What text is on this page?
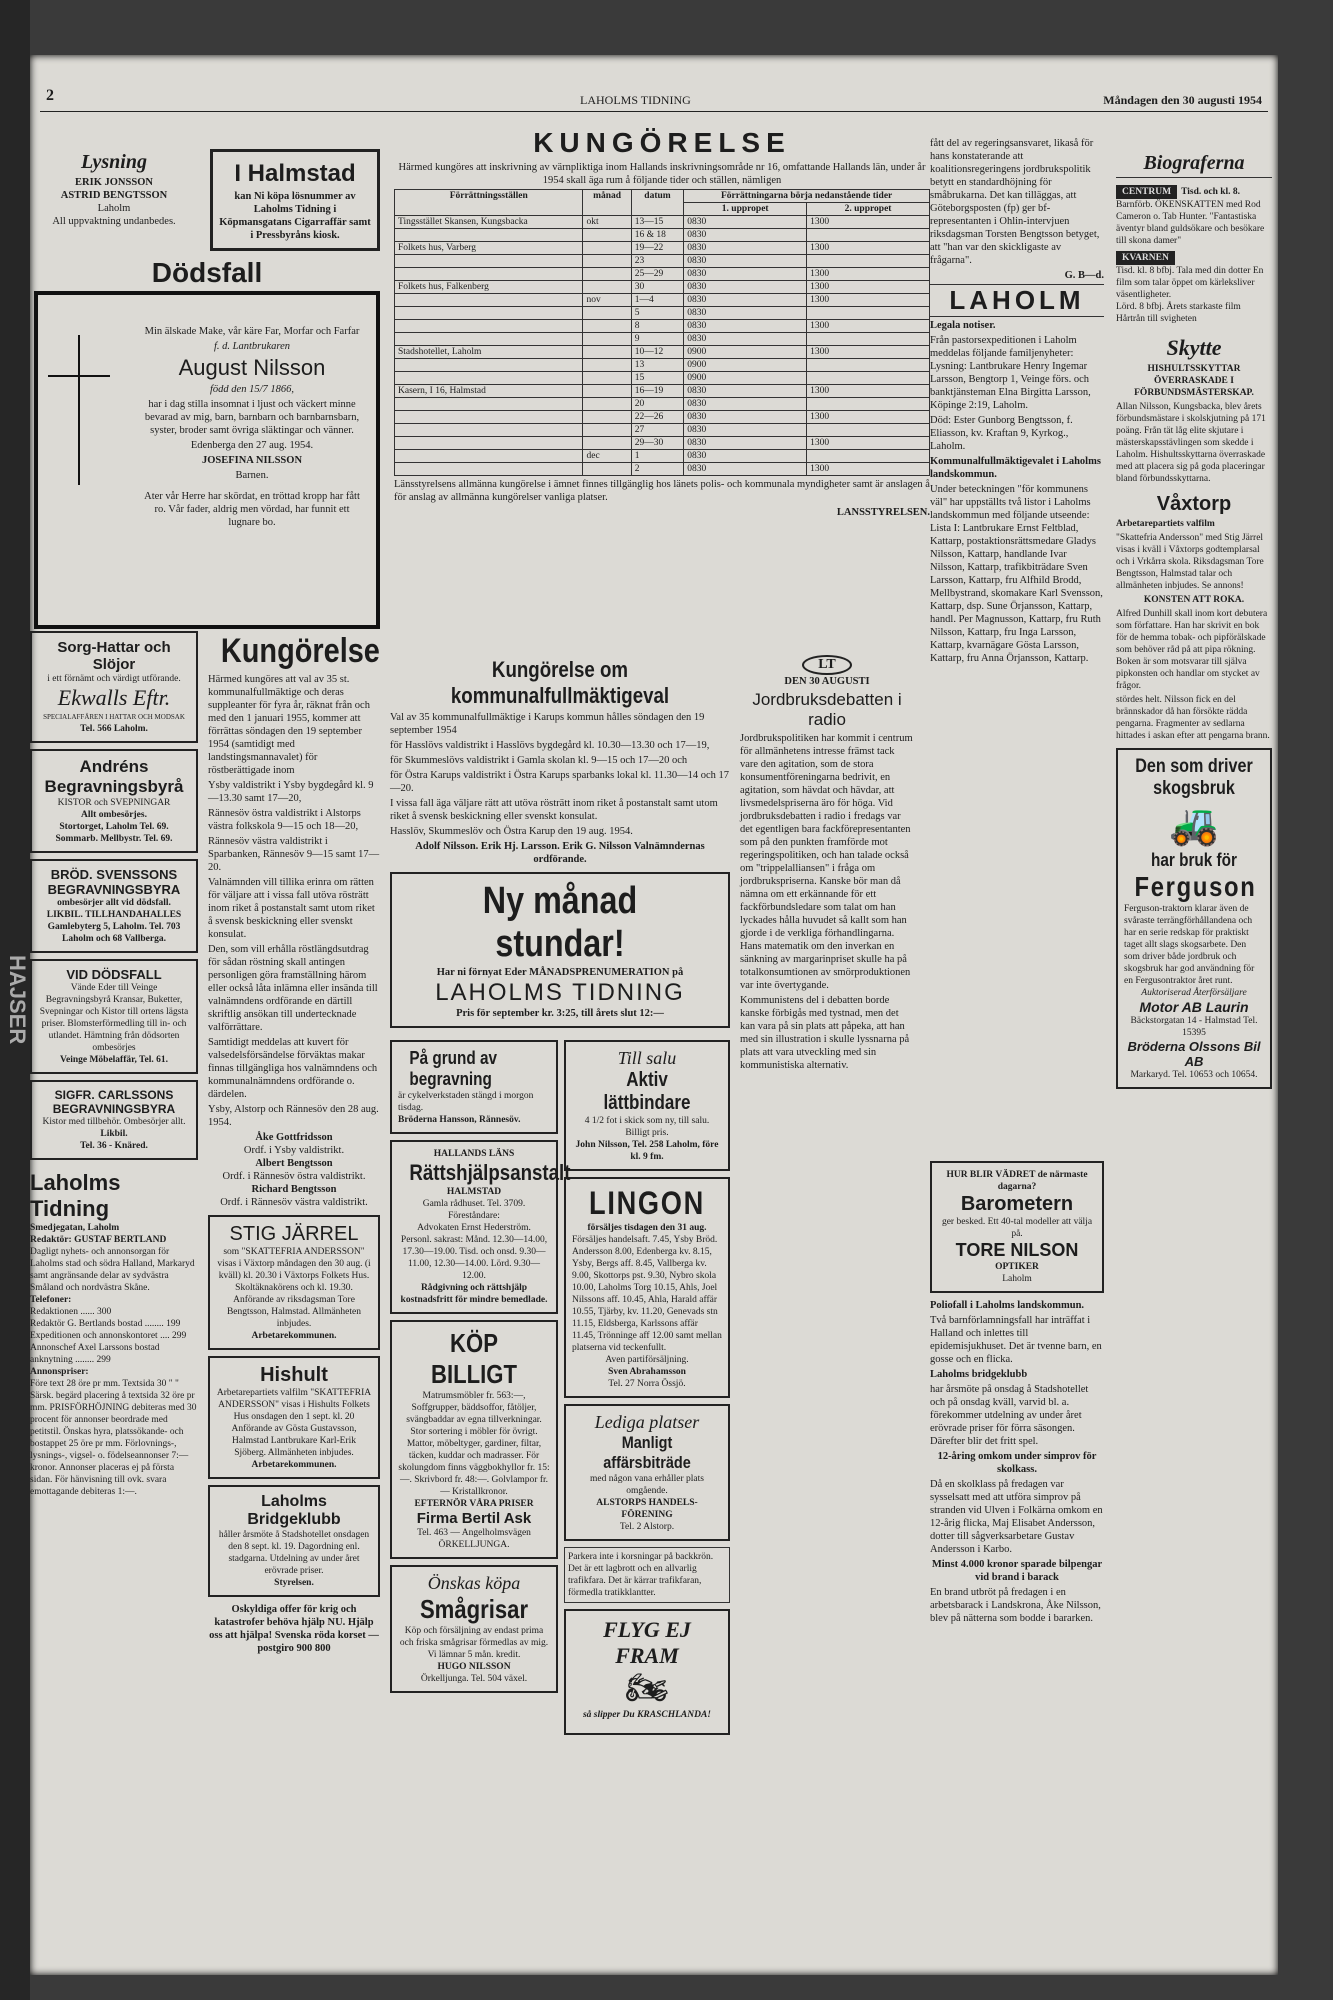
HAJSER
2	LAHOLMS TIDNING	Måndagen den 30 augusti 1954
Lysning
ERIK JONSSON
ASTRID BENGTSSON
Laholm
All uppvaktning undanbedes.
I Halmstad
kan Ni köpa lösnummer av Laholms Tidning i Köpmansgatans Cigarraffär samt i Pressbyråns kiosk.
Dödsfall

Min älskade Make, vår käre Far, Morfar och Farfar

f. d. Lantbrukaren

August Nilsson

född den 15/7 1866,

har i dag stilla insomnat i ljust och väckert minne bevarad av mig, barn, barnbarn och barnbarnsbarn, syster, broder samt övriga släktingar och vänner.

Edenberga den 27 aug. 1954.

JOSEFINA NILSSON

Barnen.

Ater vår Herre har skördat, en tröttad kropp har fått ro. Vår fader, aldrig men vördad, har funnit ett lugnare bo.

Sorg-Hattar och Slöjor
i ett förnämt och värdigt utförande.
Ekwalls Eftr.
SPECIALAFFÄREN I HATTAR OCH MODSAK
Tel. 566 Laholm.
Andréns Begravningsbyrå
KISTOR och SVEPNINGAR
Allt ombesörjes.
Stortorget, Laholm Tel. 69.
Sommarb. Mellbystr. Tel. 69.
BRÖD. SVENSSONS BEGRAVNINGSBYRA
ombesörjer allt vid dödsfall.
LIKBIL. TILLHANDAHALLES
Gamlebyterg 5, Laholm. Tel. 703 Laholm och 68 Vallberga.
VID DÖDSFALL
Vände Eder till Veinge Begravningsbyrå Kransar, Buketter, Svepningar och Kistor till ortens lägsta priser. Blomsterförmedling till in- och utlandet. Hämtning från dödsorten ombesörjes
Veinge Möbelaffär, Tel. 61.
SIGFR. CARLSSONS BEGRAVNINGSBYRA
Kistor med tillbehör. Ombesörjer allt.
Likbil.
Tel. 36 - Knäred.
Laholms Tidning
Smedjegatan, Laholm
Redaktör: GUSTAF BERTLAND
Dagligt nyhets- och annonsorgan för Laholms stad och södra Halland, Markaryd samt angränsande delar av sydvästra Småland och nordvästra Skåne.
Telefoner:
Redaktionen ...... 300
Redaktör G. Bertlands bostad ........ 199
Expeditionen och annonskontoret .... 299
Annonschef Axel Larssons bostad anknytning ........ 299
Annonspriser:
Före text 28 öre pr mm. Textsida 30 " " Särsk. begärd placering å textsida 32 öre pr mm. PRISFÖRHÖJNING debiteras med 30 procent för annonser beordrade med petitstil. Önskas hyra, platssökande- och bostappet 25 öre pr mm. Förlovnings-, lysnings-, vigsel- o. födelseannonser 7:— kronor. Annonser placeras ej på första sidan. För hänvisning till ovk. svara emottagande debiteras 1:—.
Kungörelse

Härmed kungöres att val av 35 st. kommunalfullmäktige och deras suppleanter för fyra år, räknat från och med den 1 januari 1955, kommer att förrättas söndagen den 19 september 1954 (samtidigt med landstingsmannavalet) för röstberättigade inom

Ysby valdistrikt i Ysby bygdegård kl. 9—13.30 samt 17—20,

Rännesöv östra valdistrikt i Alstorps västra folkskola 9—15 och 18—20,

Rännesöv västra valdistrikt i Sparbanken, Rännesöv 9—15 samt 17—20.

Valnämnden vill tillika erinra om rätten för väljare att i vissa fall utöva rösträtt inom riket å postanstalt samt utom riket å svensk beskickning eller svenskt konsulat.

Den, som vill erhålla röstlängdsutdrag för sådan röstning skall antingen personligen göra framställning härom eller också låta inlämna eller insända till valnämndens ordförande en därtill skriftlig ansökan till undertecknade valförrättare.

Samtidigt meddelas att kuvert för valsedelsförsändelse förväktas makar finnas tillgängliga hos valnämndens och kommunalnämndens ordförande o. därdelen.

Ysby, Alstorp och Rännesöv den 28 aug. 1954.

Åke Gottfridsson
Ordf. i Ysby valdistrikt.
Albert Bengtsson
Ordf. i Rännesöv östra valdistrikt.
Richard Bengtsson
Ordf. i Rännesöv västra valdistrikt.
STIG JÄRREL
som "SKATTEFRIA ANDERSSON" visas i Växtorp måndagen den 30 aug. (i kväll) kl. 20.30 i Växtorps Folkets Hus. Skoltäknakörens och kl. 19.30. Anförande av riksdagsman Tore Bengtsson, Halmstad. Allmänheten inbjudes.
Arbetarekommunen.
Hishult
Arbetarepartiets valfilm "SKATTEFRIA ANDERSSON" visas i Hishults Folkets Hus onsdagen den 1 sept. kl. 20 Anförande av Gösta Gustavsson, Halmstad Lantbrukare Karl-Erik Sjöberg. Allmänheten inbjudes.
Arbetarekommunen.
Laholms Bridgeklubb
håller årsmöte å Stadshotellet onsdagen den 8 sept. kl. 19. Dagordning enl. stadgarna. Utdelning av under året erövrade priser.
Styrelsen.
Oskyldiga offer för krig och katastrofer behöva hjälp NU. Hjälp oss att hjälpa! Svenska röda korset — postgiro 900 800
KUNGÖRELSE

Härmed kungöres att inskrivning av värnpliktiga inom Hallands inskrivningsområde nr 16, omfattande Hallands län, under år 1954 skall äga rum å följande tider och ställen, nämligen

Förrättningsställen	månad	datum	Förrättningarna börja nedanstående tider	
			1. uppropet	2. uppropet
Tingsstället Skansen, Kungsbacka	okt	13—15	0830	1300
		16 & 18	0830	
Folkets hus, Varberg		19—22	0830	1300
		23	0830	
		25—29	0830	1300
Folkets hus, Falkenberg		30	0830	1300
	nov	1—4	0830	1300
		5	0830	
		8	0830	1300
		9	0830	
Stadshotellet, Laholm		10—12	0900	1300
		13	0900	
		15	0900	
Kasern, I 16, Halmstad		16—19	0830	1300
		20	0830	
		22—26	0830	1300
		27	0830	
		29—30	0830	1300
	dec	1	0830	
		2	0830	1300

Länsstyrelsens allmänna kungörelse i ämnet finnes tillgänglig hos länets polis- och kommunala myndigheter samt är anslagen å för anslag av allmänna kungörelser vanliga platser.

LANSSTYRELSEN.

Kungörelse om kommunalfullmäktigeval

Val av 35 kommunalfullmäktige i Karups kommun hålles söndagen den 19 september 1954

för Hasslövs valdistrikt i Hasslövs bygdegård kl. 10.30—13.30 och 17—19,

för Skummeslövs valdistrikt i Gamla skolan kl. 9—15 och 17—20 och

för Östra Karups valdistrikt i Östra Karups sparbanks lokal kl. 11.30—14 och 17—20.

I vissa fall äga väljare rätt att utöva rösträtt inom riket å postanstalt samt utom riket å svensk beskickning eller svenskt konsulat.

Hasslöv, Skummeslöv och Östra Karup den 19 aug. 1954.

Adolf Nilsson. Erik Hj. Larsson. Erik G. Nilsson Valnämndernas ordförande.

Ny månad stundar!
Har ni förnyat Eder MÅNADSPRENUMERATION på
LAHOLMS TIDNING
Pris för september kr. 3:25, till årets slut 12:—
På grund av begravning
är cykelverkstaden stängd i morgon tisdag.
Bröderna Hansson, Rännesöv.
HALLANDS LÄNS
Rättshjälpsanstalt
HALMSTAD
Gamla rådhuset. Tel. 3709.
Föreståndare:
Advokaten Ernst Hederström.
Personl. sakrast: Månd. 12.30—14.00, 17.30—19.00. Tisd. och onsd. 9.30—11.00, 12.30—14.00. Lörd. 9.30—12.00.
Rådgivning och rättshjälp kostnadsfritt för mindre bemedlade.
KÖP BILLIGT
Matrumsmöbler fr. 563:—, Soffgrupper, bäddsoffor, fåtöljer, svängbaddar av egna tillverkningar. Stor sortering i möbler för övrigt. Mattor, möbeltyger, gardiner, filtar, täcken, kuddar och madrasser. För skolungdom finns väggbokhyllor fr. 15:—. Skrivbord fr. 48:—. Golvlampor fr. — Kristallkronor.
EFTERNÖR VÅRA PRISER
Firma Bertil Ask
Tel. 463 — Angelholmsvägen ÖRKELLJUNGA.
Önskas köpa
Smågrisar
Köp och försäljning av endast prima och friska smågrisar förmedlas av mig. Vi lämnar 5 mån. kredit.
HUGO NILSSON
Örkelljunga. Tel. 504 växel.
Till salu
Aktiv lättbindare
4 1/2 fot i skick som ny, till salu. Billigt pris.
John Nilsson, Tel. 258 Laholm, före kl. 9 fm.
LINGON
försäljes tisdagen den 31 aug.
Försäljes handelsaft. 7.45, Ysby Bröd. Andersson 8.00, Edenberga kv. 8.15, Ysby, Bergs aff. 8.45, Vallberga kv. 9.00, Skottorps pst. 9.30, Nybro skola 10.00, Laholms Torg 10.15, Ahls, Joel Nilssons aff. 10.45, Ahla, Harald affär 10.55, Tjärby, kv. 11.20, Genevads stn 11.15, Eldsberga, Karlssons affär 11.45, Trönninge aff 12.00 samt mellan platserna vid teckenfullt.
Aven partiförsäljning.
Sven Abrahamsson
Tel. 27 Norra Össjö.
Lediga platser
Manligt affärsbiträde
med någon vana erhåller plats omgående.
ALSTORPS HANDELS-FÖRENING
Tel. 2 Alstorp.
Parkera inte i korsningar på backkrön. Det är ett lagbrott och en allvarlig trafikfara. Det är kärrar trafikfaran, förmedla tratikklantter.
FLYG EJ FRAM
🏍
så slipper Du KRASCHLANDA!
LT
DEN 30 AUGUSTI
Jordbruksdebatten i radio

Jordbrukspolitiken har kommit i centrum för allmänhetens intresse främst tack vare den agitation, som de stora konsumentföreningarna bedrivit, en agitation, som hävdat och hävdar, att livsmedelspriserna äro för höga. Vid jordbruksdebatten i radio i fredags var det egentligen bara fackförepresentanten som på den punkten framförde mot regeringspolitiken, och han talade också om "trippelalliansen" i fråga om jordbrukspriserna. Kanske bör man då nämna om ett erkännande för ett fackförbundsledare som talat om han lyckades hålla huvudet så kallt som han gjorde i de verkliga förhandlingarna. Hans matematik om den inverkan en sänkning av margarinpriset skulle ha på totalkonsumtionen av smörproduktionen var inte övertygande.

Kommunistens del i debatten borde kanske förbigås med tystnad, men det kan vara på sin plats att påpeka, att han med sin illustration i skulle lyssnarna på plats att vara utveckling med sin kommunistiska alternativ.

fått del av regeringsansvaret, likaså för hans konstaterande att koalitionsregeringens jordbrukspolitik betytt en standardhöjning för småbrukarna. Det kan tilläggas, att Göteborgsposten (fp) ger bf-representanten i Ohlin-intervjuen riksdagsman Torsten Bengtsson betyget, att "han var den skickligaste av frågarna".

G. B—d.

LAHOLM

Legala notiser.

Från pastorsexpeditionen i Laholm meddelas följande familjenyheter: Lysning: Lantbrukare Henry Ingemar Larsson, Bengtorp 1, Veinge förs. och banktjänsteman Elna Birgitta Larsson, Köpinge 2:19, Laholm.

Död: Ester Gunborg Bengtsson, f. Eliasson, kv. Kraftan 9, Kyrkog., Laholm.

Kommunalfullmäktigevalet i Laholms landskommun.

Under beteckningen "för kommunens väl" har uppställts två listor i Laholms landskommun med följande utseende: Lista I: Lantbrukare Ernst Feltblad, Kattarp, postaktionsrättsmedare Gladys Nilsson, Kattarp, handlande Ivar Nilsson, Kattarp, trafikbiträdare Sven Larsson, Kattarp, fru Alfhild Brodd, Mellbystrand, skomakare Karl Svensson, Kattarp, dsp. Sune Örjansson, Kattarp, handl. Per Magnusson, Kattarp, fru Ruth Nilsson, Kattarp, fru Inga Larsson, Kattarp, kvarnägare Gösta Larsson, Kattarp, fru Anna Örjansson, Kattarp.

HUR BLIR VÄDRET de närmaste dagarna?
Barometern
ger besked. Ett 40-tal modeller att välja på.
TORE NILSON
OPTIKER
Laholm

Poliofall i Laholms landskommun.

Två barnförlamningsfall har inträffat i Halland och inlettes till epidemisjukhuset. Det är tvenne barn, en gosse och en flicka.

Laholms bridgeklubb

har årsmöte på onsdag å Stadshotellet och på onsdag kväll, varvid bl. a. förekommer utdelning av under året erövrade priser för förra säsongen. Därefter blir det fritt spel.

12-åring omkom under simprov för skolkass.

Då en skolklass på fredagen var sysselsatt med att utföra simprov på stranden vid Ulven i Folkärna omkom en 12-årig flicka, Maj Elisabet Andersson, dotter till sågverksarbetare Gustav Andersson i Karbo.

Minst 4.000 kronor sparade bilpengar vid brand i barack

En brand utbröt på fredagen i en arbetsbarack i Landskrona, Åke Nilsson, blev på nätterna som bodde i bararken.

Biograferna
CENTRUM Tisd. och kl. 8.
Barnförb. ÖKENSKATTEN med Rod Cameron o. Tab Hunter. "Fantastiska äventyr bland guldsökare och besökare till skona damer"
KVARNEN
Tisd. kl. 8 bfbj. Tala med din dotter En film som talar öppet om kärleksliver väsentligheter.
Lörd. 8 bfbj. Årets starkaste film Hårtrån till svigheten
Skytte

HISHULTSSKYTTAR ÖVERRASKADE I FÖRBUNDSMÄSTERSKAP.

Allan Nilsson, Kungsbacka, blev årets förbundsmästare i skolskjutning på 171 poäng. Från tät låg elite skjutare i mästerskapsstävlingen som skedde i Laholm. Hishultsskyttarna överraskade med att placera sig på goda placeringar bland förbundsskyttarna.

Våxtorp

Arbetarepartiets valfilm

"Skattefria Andersson" med Stig Järrel visas i kväll i Våxtorps godtemplarsal och i Vrkårra skola. Riksdagsman Tore Bengtsson, Halmstad talar och allmänheten inbjudes. Se annons!

KONSTEN ATT ROKA.

Alfred Dunhill skall inom kort debutera som författare. Han har skrivit en bok för de hemma tobak- och pipförälskade som behöver råd på att pipa rökning. Boken är som motsvarar till själva pipkonsten och handlar om stycket av frågor.

stördes helt. Nilsson fick en del brännskador då han försökte rädda pengarna. Fragmenter av sedlarna hittades i askan efter att pengarna brann.

Den som driver skogsbruk
🚜
har bruk för
Ferguson
Ferguson-traktorn klarar även de svåraste terrängförhållandena och har en serie redskap för praktiskt taget allt slags skogsarbete. Den som driver både jordbruk och skogsbruk har god användning för en Fergusontraktor året runt.
Auktoriserad Återförsäljare
Motor AB Laurin
Bäckstorgatan 14 - Halmstad Tel. 15395
Bröderna Olssons Bil AB
Markaryd. Tel. 10653 och 10654.
